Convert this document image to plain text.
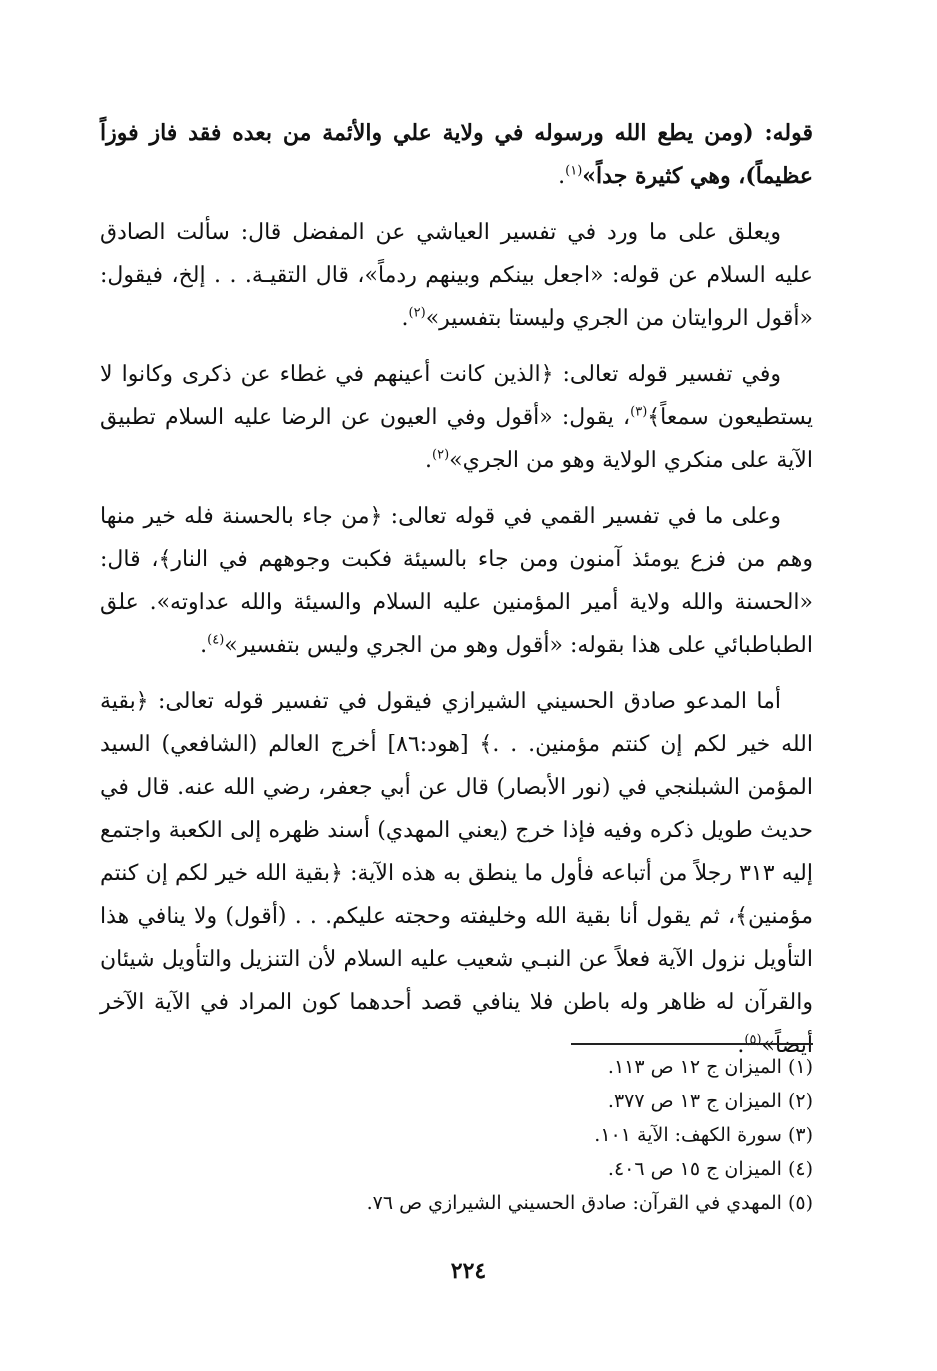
قوله: (ومن يطع الله ورسوله في ولاية علي والأئمة من بعده فقد فاز فوزاً عظيماً)، وهي كثيرة جداً»$^{(١)}$.

ويعلق على ما ورد في تفسير العياشي عن المفضل قال: سألت الصادق عليه السلام عن قوله: «اجعل بينكم وبينهم ردماً»، قال التقيـة. . . إلخ، فيقول: «أقول الروايتان من الجري وليستا بتفسير»$^{(٢)}$.

وفي تفسير قوله تعالى: ﴿الذين كانت أعينهم في غطاء عن ذكرى وكانوا لا يستطيعون سمعاً﴾$^{(٣)}$، يقول: «أقول وفي العيون عن الرضا عليه السلام تطبيق الآية على منكري الولاية وهو من الجري»$^{(٢)}$.

وعلى ما في تفسير القمي في قوله تعالى: ﴿من جاء بالحسنة فله خير منها وهم من فزع يومئذ آمنون ومن جاء بالسيئة فكبت وجوههم في النار﴾، قال: «الحسنة والله ولاية أمير المؤمنين عليه السلام والسيئة والله عداوته». علق الطباطبائي على هذا بقوله: «أقول وهو من الجري وليس بتفسير»$^{(٤)}$.

أما المدعو صادق الحسيني الشيرازي فيقول في تفسير قوله تعالى: ﴿بقية الله خير لكم إن كنتم مؤمنين. . .﴾ [هود:٨٦] أخرج العالم (الشافعي) السيد المؤمن الشبلنجي في (نور الأبصار) قال عن أبي جعفر، رضي الله عنه. قال في حديث طويل ذكره وفيه فإذا خرج (يعني المهدي) أسند ظهره إلى الكعبة واجتمع إليه ٣١٣ رجلاً من أتباعه فأول ما ينطق به هذه الآية: ﴿بقية الله خير لكم إن كنتم مؤمنين﴾، ثم يقول أنا بقية الله وخليفته وحجته عليكم. . . (أقول) ولا ينافي هذا التأويل نزول الآية فعلاً عن النبـي شعيب عليه السلام لأن التنزيل والتأويل شيئان والقرآن له ظاهر وله باطن فلا ينافي قصد أحدهما كون المراد في الآية الآخر أيضاً»$^{(٥)}$.

(١)الميزان ج ١٢ ص ١١٣.
(٢)الميزان ج ١٣ ص ٣٧٧.
(٣)سورة الكهف: الآية ١٠١.
(٤)الميزان ج ١٥ ص ٤٠٦.
(٥)المهدي في القرآن: صادق الحسيني الشيرازي ص ٧٦.
٢٢٤
